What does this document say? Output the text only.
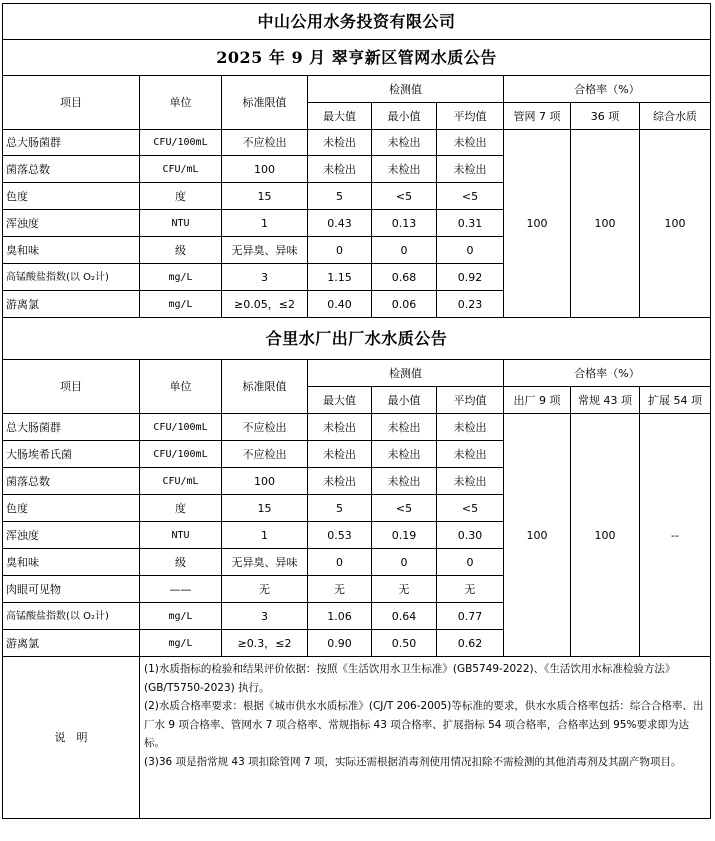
中山公用水务投资有限公司								
2025 年 9 月 翠亨新区管网水质公告								
项目	单位	标准限值	检测值			合格率（%）		
			最大值	最小值	平均值	管网 7 项	36 项	综合水质
总大肠菌群	CFU/100mL	不应检出	未检出	未检出	未检出	100	100	100
菌落总数	CFU/mL	100	未检出	未检出	未检出			
色度	度	15	5	<5	<5			
浑浊度	NTU	1	0.43	0.13	0.31			
臭和味	级	无异臭、异味	0	0	0			
高锰酸盐指数(以 O₂计)	mg/L	3	1.15	0.68	0.92			
游离氯	mg/L	≥0.05，≤2	0.40	0.06	0.23			
合里水厂出厂水水质公告								
项目	单位	标准限值	检测值			合格率（%）		
			最大值	最小值	平均值	出厂 9 项	常规 43 项	扩展 54 项
总大肠菌群	CFU/100mL	不应检出	未检出	未检出	未检出	100	100	--
大肠埃希氏菌	CFU/100mL	不应检出	未检出	未检出	未检出			
菌落总数	CFU/mL	100	未检出	未检出	未检出			
色度	度	15	5	<5	<5			
浑浊度	NTU	1	0.53	0.19	0.30			
臭和味	级	无异臭、异味	0	0	0			
肉眼可见物	——	无	无	无	无			
高锰酸盐指数(以 O₂计)	mg/L	3	1.06	0.64	0.77			
游离氯	mg/L	≥0.3，≤2	0.90	0.50	0.62			
说　明	(1)水质指标的检验和结果评价依据：按照《生活饮用水卫生标准》(GB5749-2022)、《生活饮用水标准检验方法》 (GB/T5750-2023) 执行。

(2)水质合格率要求：根据《城市供水水质标准》(CJ/T 206-2005)等标准的要求，供水水质合格率包括：综合合格率、出厂水 9 项合格率、管网水 7 项合格率、常规指标 43 项合格率、扩展指标 54 项合格率，合格率达到 95%要求即为达标。

(3)36 项是指常规 43 项扣除管网 7 项，实际还需根据消毒剂使用情况扣除不需检测的其他消毒剂及其副产物项目。							
